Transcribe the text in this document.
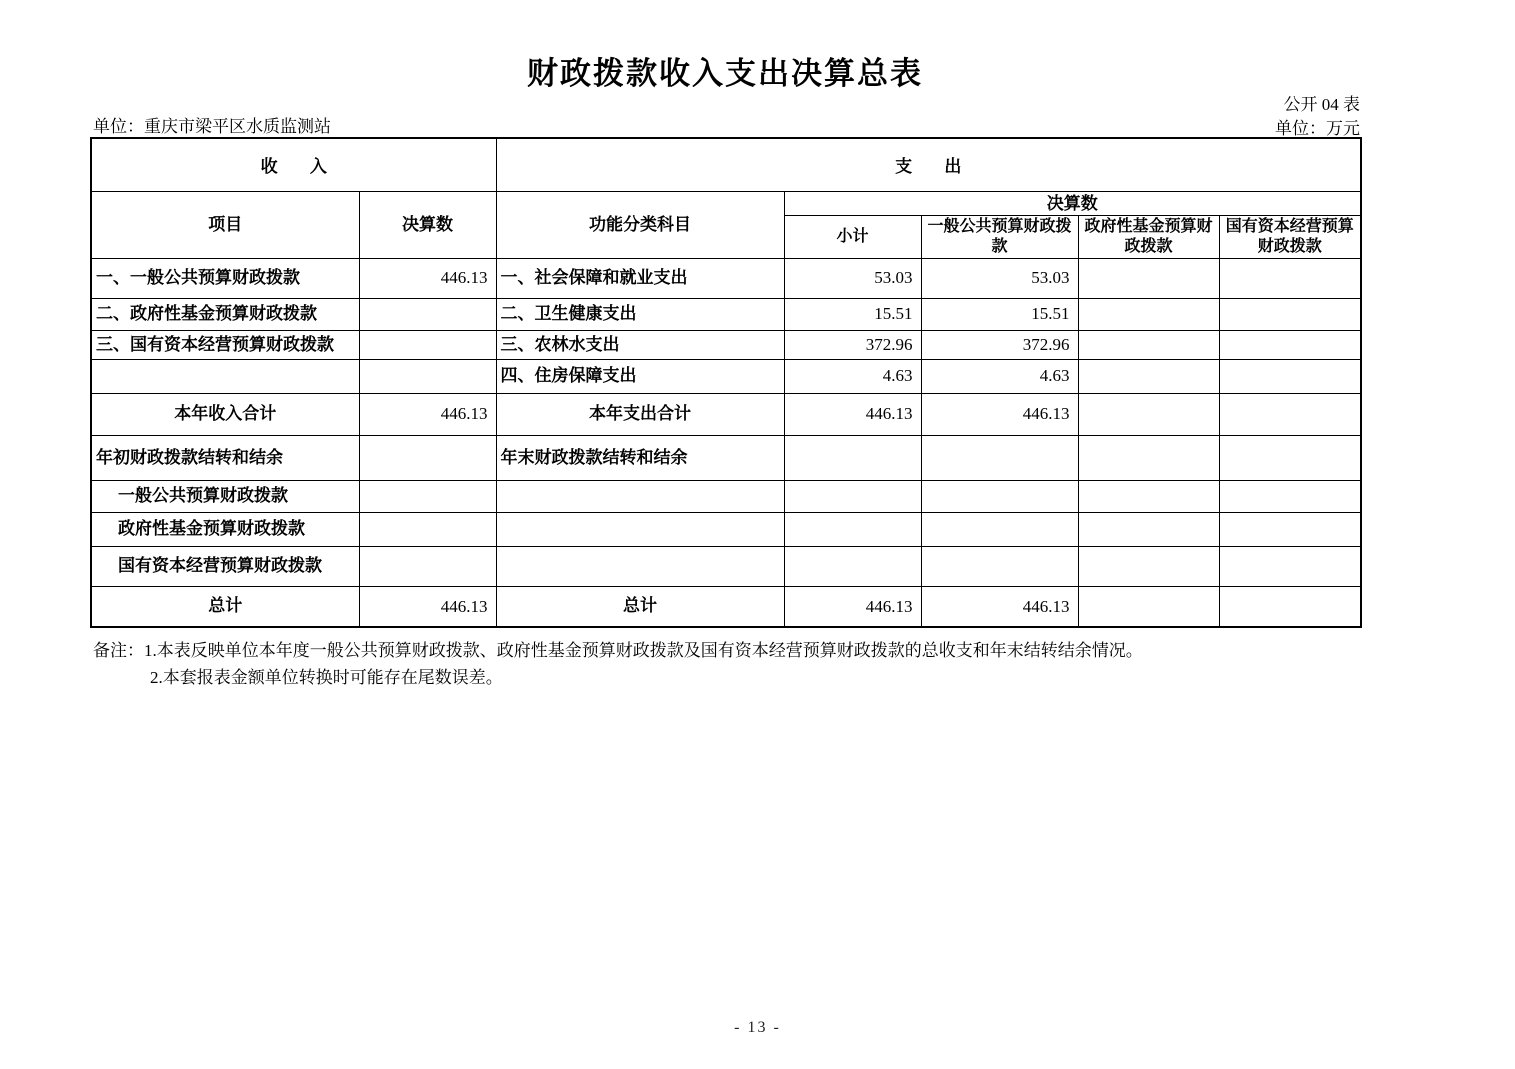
财政拨款收入支出决算总表
公开 04 表
单位：重庆市梁平区水质监测站	单位：万元
收入		支出				
项目	决算数	功能分类科目	决算数			
			小计	一般公共预算财政拨款	政府性基金预算财政拨款	国有资本经营预算财政拨款
一、一般公共预算财政拨款	446.13	一、社会保障和就业支出	53.03	53.03		
二、政府性基金预算财政拨款		二、卫生健康支出	15.51	15.51		
三、国有资本经营预算财政拨款		三、农林水支出	372.96	372.96		
		四、住房保障支出	4.63	4.63		
本年收入合计	446.13	本年支出合计	446.13	446.13		
年初财政拨款结转和结余		年末财政拨款结转和结余				
一般公共预算财政拨款						
政府性基金预算财政拨款						
国有资本经营预算财政拨款						
总计	446.13	总计	446.13	446.13		
备注：1.本表反映单位本年度一般公共预算财政拨款、政府性基金预算财政拨款及国有资本经营预算财政拨款的总收支和年末结转结余情况。
2.本套报表金额单位转换时可能存在尾数误差。
- 13 -
